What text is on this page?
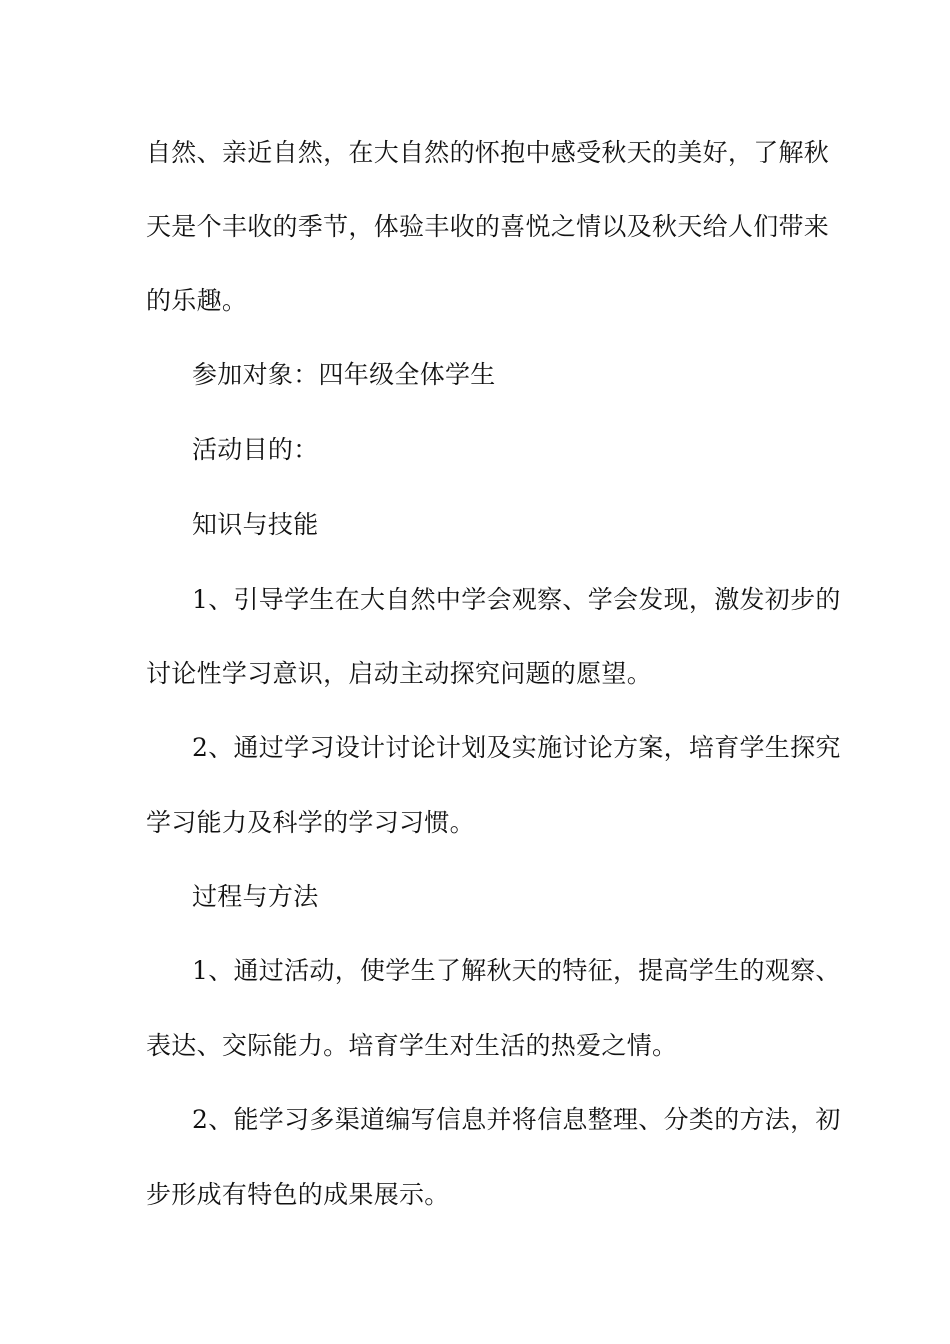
自然、亲近自然，在大自然的怀抱中感受秋天的美好，了解秋
天是个丰收的季节，体验丰收的喜悦之情以及秋天给人们带来
的乐趣。
参加对象：四年级全体学生
活动目的：
知识与技能
1、引导学生在大自然中学会观察、学会发现，激发初步的
讨论性学习意识，启动主动探究问题的愿望。
2、通过学习设计讨论计划及实施讨论方案，培育学生探究
学习能力及科学的学习习惯。
过程与方法
1、通过活动，使学生了解秋天的特征，提高学生的观察、
表达、交际能力。培育学生对生活的热爱之情。
2、能学习多渠道编写信息并将信息整理、分类的方法，初
步形成有特色的成果展示。
